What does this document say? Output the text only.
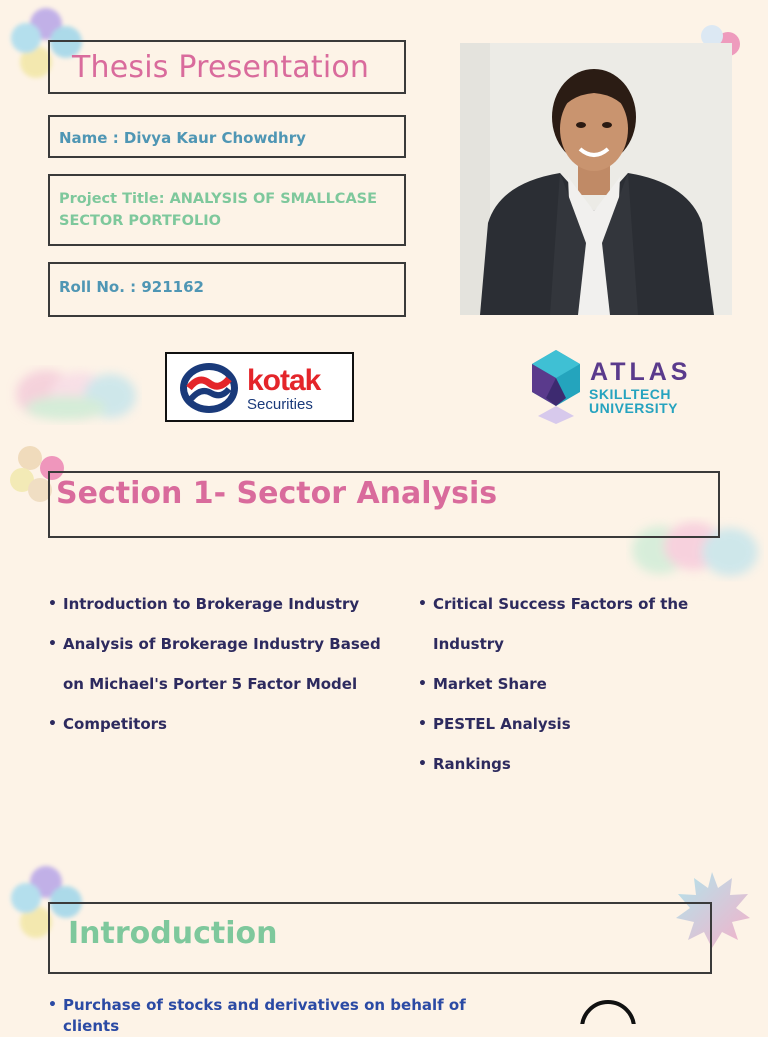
Thesis Presentation
Name : Divya Kaur Chowdhry
Project Title: ANALYSIS OF SMALLCASE SECTOR PORTFOLIO
Roll No. : 921162
kotak
Securities
ATLAS
SKILLTECH
UNIVERSITY
Section 1- Sector Analysis
• Introduction to Brokerage Industry
• Analysis of Brokerage Industry Based on Michael's Porter 5 Factor Model
• Competitors
• Critical Success Factors of the Industry
• Market Share
• PESTEL Analysis
• Rankings
Introduction
• Purchase of stocks and derivatives on behalf of clients
